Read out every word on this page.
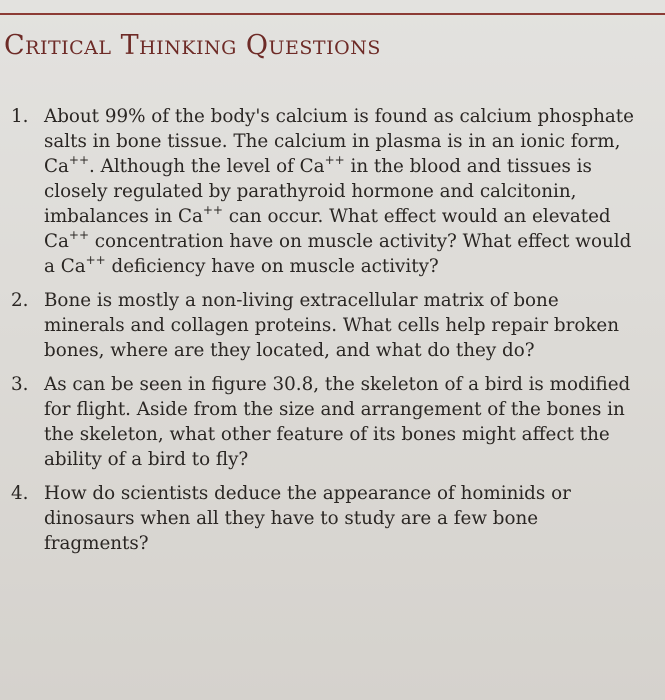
Critical Thinking Questions
1. About 99% of the body's calcium is found as calcium phosphate salts in bone tissue. The calcium in plasma is in an ionic form, Ca++. Although the level of Ca++ in the blood and tissues is closely regulated by parathyroid hormone and calcitonin, imbalances in Ca++ can occur. What effect would an elevated Ca++ concentration have on muscle activity? What effect would a Ca++ deficiency have on muscle activity?
2. Bone is mostly a non-living extracellular matrix of bone minerals and collagen proteins. What cells help repair broken bones, where are they located, and what do they do?
3. As can be seen in figure 30.8, the skeleton of a bird is modified for flight. Aside from the size and arrangement of the bones in the skeleton, what other feature of its bones might affect the ability of a bird to fly?
4. How do scientists deduce the appearance of hominids or dinosaurs when all they have to study are a few bone fragments?
